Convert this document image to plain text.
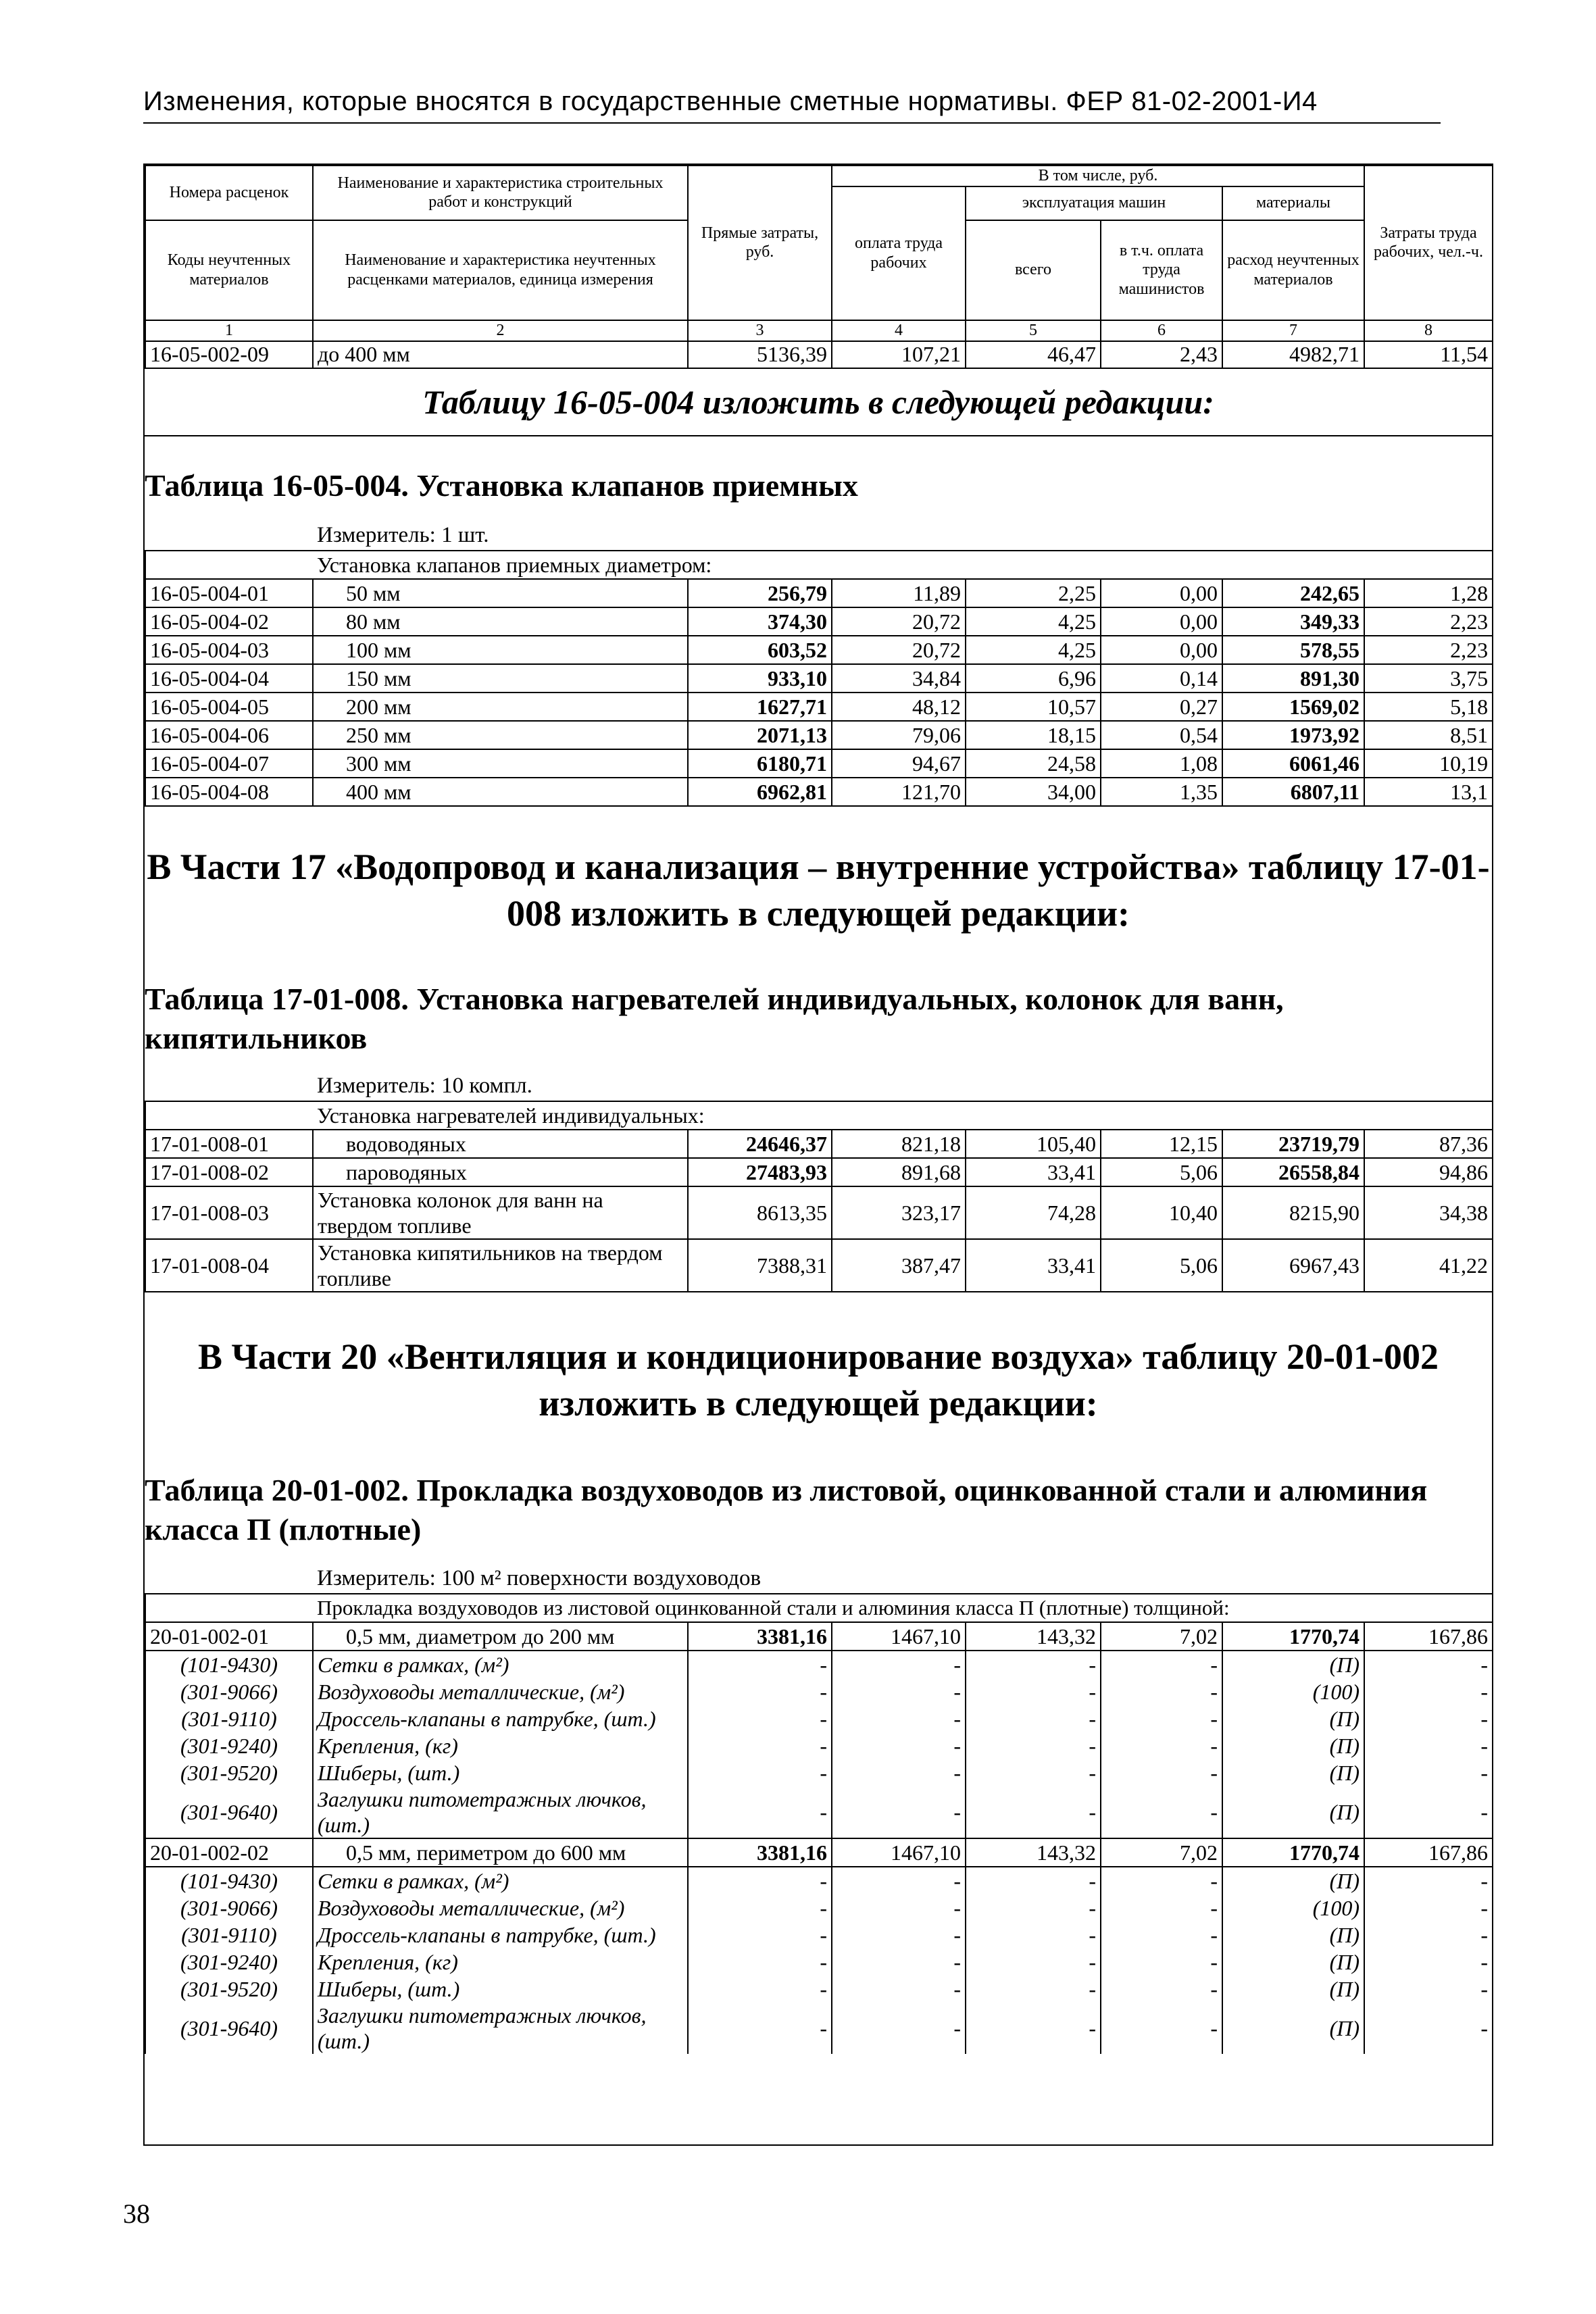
Изменения, которые вносятся в государственные сметные нормативы. ФЕР 81-02-2001-И4
Номера расценок	Наименование и характеристика строительных работ и конструкций	Прямые затраты, руб.	В том числе, руб.				Затраты труда рабочих, чел.-ч.
			оплата труда рабочих	эксплуатация машин		материалы	
Коды неучтенных материалов	Наименование и характеристика неучтенных расценками материалов, единица измерения			всего	в т.ч. оплата труда машинистов	расход неучтенных материалов	

1	2	3	4	5	6	7	8
16-05-002-09	до 400 мм	5136,39	107,21	46,47	2,43	4982,71	11,54
Таблицу 16-05-004 изложить в следующей редакции:
Таблица 16-05-004. Установка клапанов приемных
Измеритель: 1 шт.
	Установка клапанов приемных диаметром:						
16-05-004-01	50 мм	256,79	11,89	2,25	0,00	242,65	1,28
16-05-004-02	80 мм	374,30	20,72	4,25	0,00	349,33	2,23
16-05-004-03	100 мм	603,52	20,72	4,25	0,00	578,55	2,23
16-05-004-04	150 мм	933,10	34,84	6,96	0,14	891,30	3,75
16-05-004-05	200 мм	1627,71	48,12	10,57	0,27	1569,02	5,18
16-05-004-06	250 мм	2071,13	79,06	18,15	0,54	1973,92	8,51
16-05-004-07	300 мм	6180,71	94,67	24,58	1,08	6061,46	10,19
16-05-004-08	400 мм	6962,81	121,70	34,00	1,35	6807,11	13,1
В Части 17 «Водопровод и канализация – внутренние устройства» таблицу 17-01-008 изложить в следующей редакции:
Таблица 17-01-008. Установка нагревателей индивидуальных, колонок для ванн, кипятильников
Измеритель: 10 компл.
	Установка нагревателей индивидуальных:						
17-01-008-01	водоводяных	24646,37	821,18	105,40	12,15	23719,79	87,36
17-01-008-02	пароводяных	27483,93	891,68	33,41	5,06	26558,84	94,86
17-01-008-03	Установка колонок для ванн на твердом топливе	8613,35	323,17	74,28	10,40	8215,90	34,38
17-01-008-04	Установка кипятильников на твердом топливе	7388,31	387,47	33,41	5,06	6967,43	41,22
В Части 20 «Вентиляция и кондиционирование воздуха» таблицу 20-01-002 изложить в следующей редакции:
Таблица 20-01-002. Прокладка воздуховодов из листовой, оцинкованной стали и алюминия класса П (плотные)
Измеритель: 100 м² поверхности воздуховодов
	Прокладка воздуховодов из листовой оцинкованной стали и алюминия класса П (плотные) толщиной:						
20-01-002-01	0,5 мм, диаметром до 200 мм	3381,16	1467,10	143,32	7,02	1770,74	167,86
(101-9430)	Сетки в рамках, (м²)	-	-	-	-	(П)	-
(301-9066)	Воздуховоды металлические, (м²)	-	-	-	-	(100)	-
(301-9110)	Дроссель-клапаны в патрубке, (шт.)	-	-	-	-	(П)	-
(301-9240)	Крепления, (кг)	-	-	-	-	(П)	-
(301-9520)	Шиберы, (шт.)	-	-	-	-	(П)	-
(301-9640)	Заглушки питометражных лючков, (шт.)	-	-	-	-	(П)	-
20-01-002-02	0,5 мм, периметром до 600 мм	3381,16	1467,10	143,32	7,02	1770,74	167,86
(101-9430)	Сетки в рамках, (м²)	-	-	-	-	(П)	-
(301-9066)	Воздуховоды металлические, (м²)	-	-	-	-	(100)	-
(301-9110)	Дроссель-клапаны в патрубке, (шт.)	-	-	-	-	(П)	-
(301-9240)	Крепления, (кг)	-	-	-	-	(П)	-
(301-9520)	Шиберы, (шт.)	-	-	-	-	(П)	-
(301-9640)	Заглушки питометражных лючков, (шт.)	-	-	-	-	(П)	-
38
